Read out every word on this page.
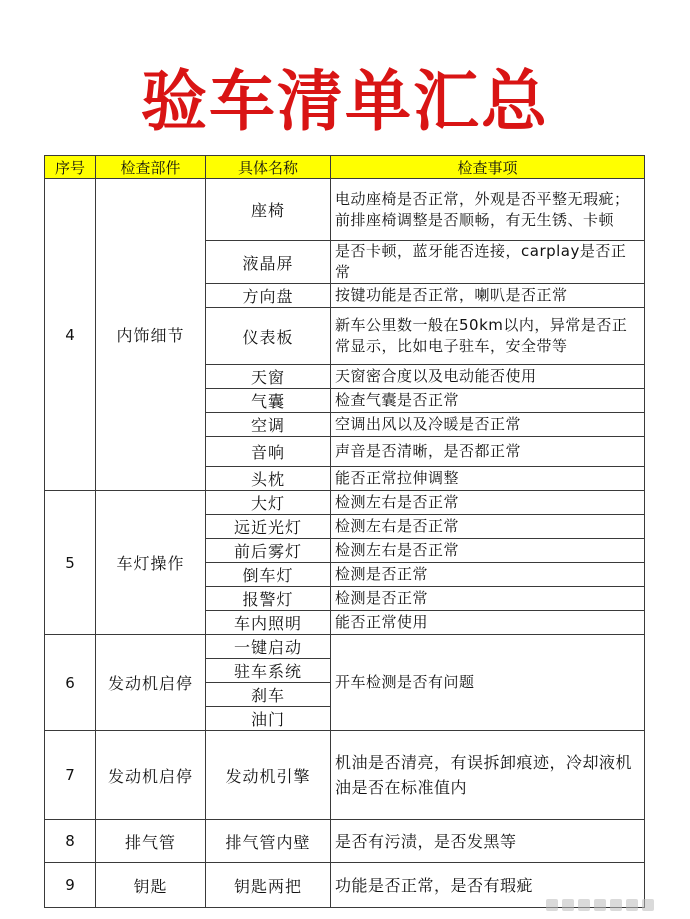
验车清单汇总
序号	检查部件	具体名称	检查事项
4	内饰细节	座椅	电动座椅是否正常，外观是否平整无瑕疵；前排座椅调整是否顺畅，有无生锈、卡顿
		液晶屏	是否卡顿，蓝牙能否连接，carplay是否正常
		方向盘	按键功能是否正常，喇叭是否正常
		仪表板	新车公里数一般在50km以内，异常是否正常显示，比如电子驻车，安全带等
		天窗	天窗密合度以及电动能否使用
		气囊	检查气囊是否正常
		空调	空调出风以及冷暖是否正常
		音响	声音是否清晰，是否都正常
		头枕	能否正常拉伸调整
5	车灯操作	大灯	检测左右是否正常
		远近光灯	检测左右是否正常
		前后雾灯	检测左右是否正常
		倒车灯	检测是否正常
		报警灯	检测是否正常
		车内照明	能否正常使用
6	发动机启停	一键启动	开车检测是否有问题
		驻车系统	
		刹车	
		油门	
7	发动机启停	发动机引擎	机油是否清亮，有误拆卸痕迹，冷却液机油是否在标准值内
8	排气管	排气管内壁	是否有污渍，是否发黑等
9	钥匙	钥匙两把	功能是否正常，是否有瑕疵
